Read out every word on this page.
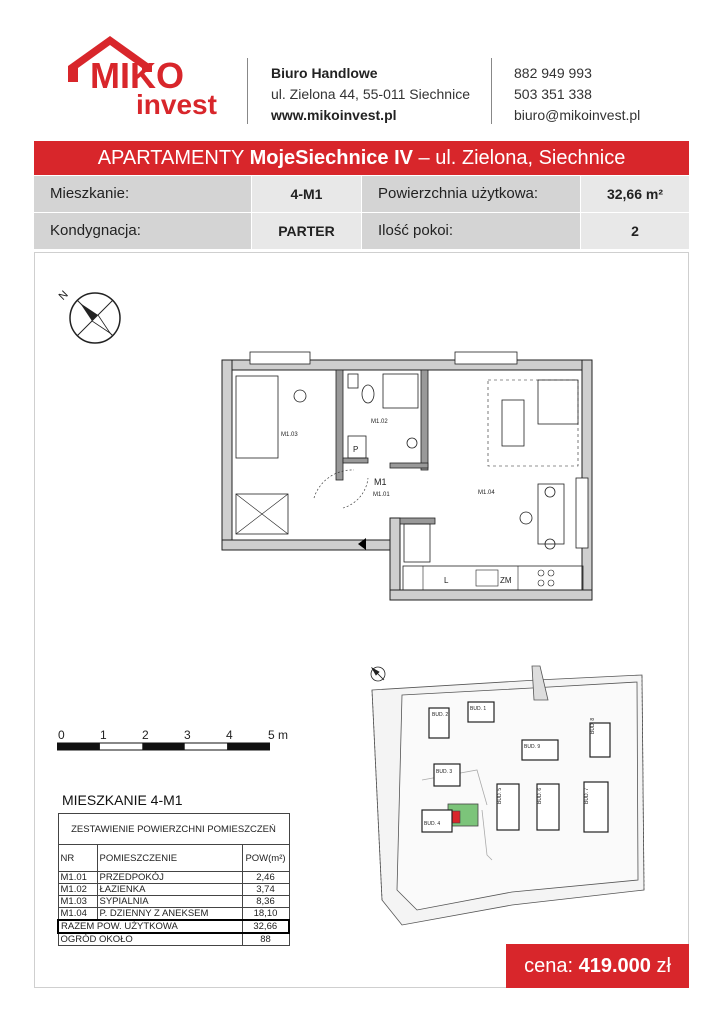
MIKO
invest
Biuro Handlowe
ul. Zielona 44, 55-011 Siechnice
www.mikoinvest.pl
882 949 993
503 351 338
biuro@mikoinvest.pl
APARTAMENTY MojeSiechnice IV – ul. Zielona, Siechnice
Mieszkanie:	4-M1	Powierzchnia użytkowa:	32,66 m²
Kondygnacja:	PARTER	Ilość pokoi:	2
N
M1.03
M1.02
M1.01	M1.04
M1
P
L	ZM
0	1	2	3	4	5 m
BUD. 1
BUD. 2
BUD. 3
BUD. 4
BUD. 5	BUD. 6	BUD. 7
BUD. 8
BUD. 9
MIESZKANIE 4-M1
ZESTAWIENIE POWIERZCHNI POMIESZCZEŃ		
NR	POMIESZCZENIE	POW(m²)
M1.01	PRZEDPOKÓJ	2,46
M1.02	ŁAZIENKA	3,74
M1.03	SYPIALNIA	8,36
M1.04	P. DZIENNY Z ANEKSEM	18,10
RAZEM POW. UŻYTKOWA		32,66
OGRÓD OKOŁO		88
cena: 419.000 zł
